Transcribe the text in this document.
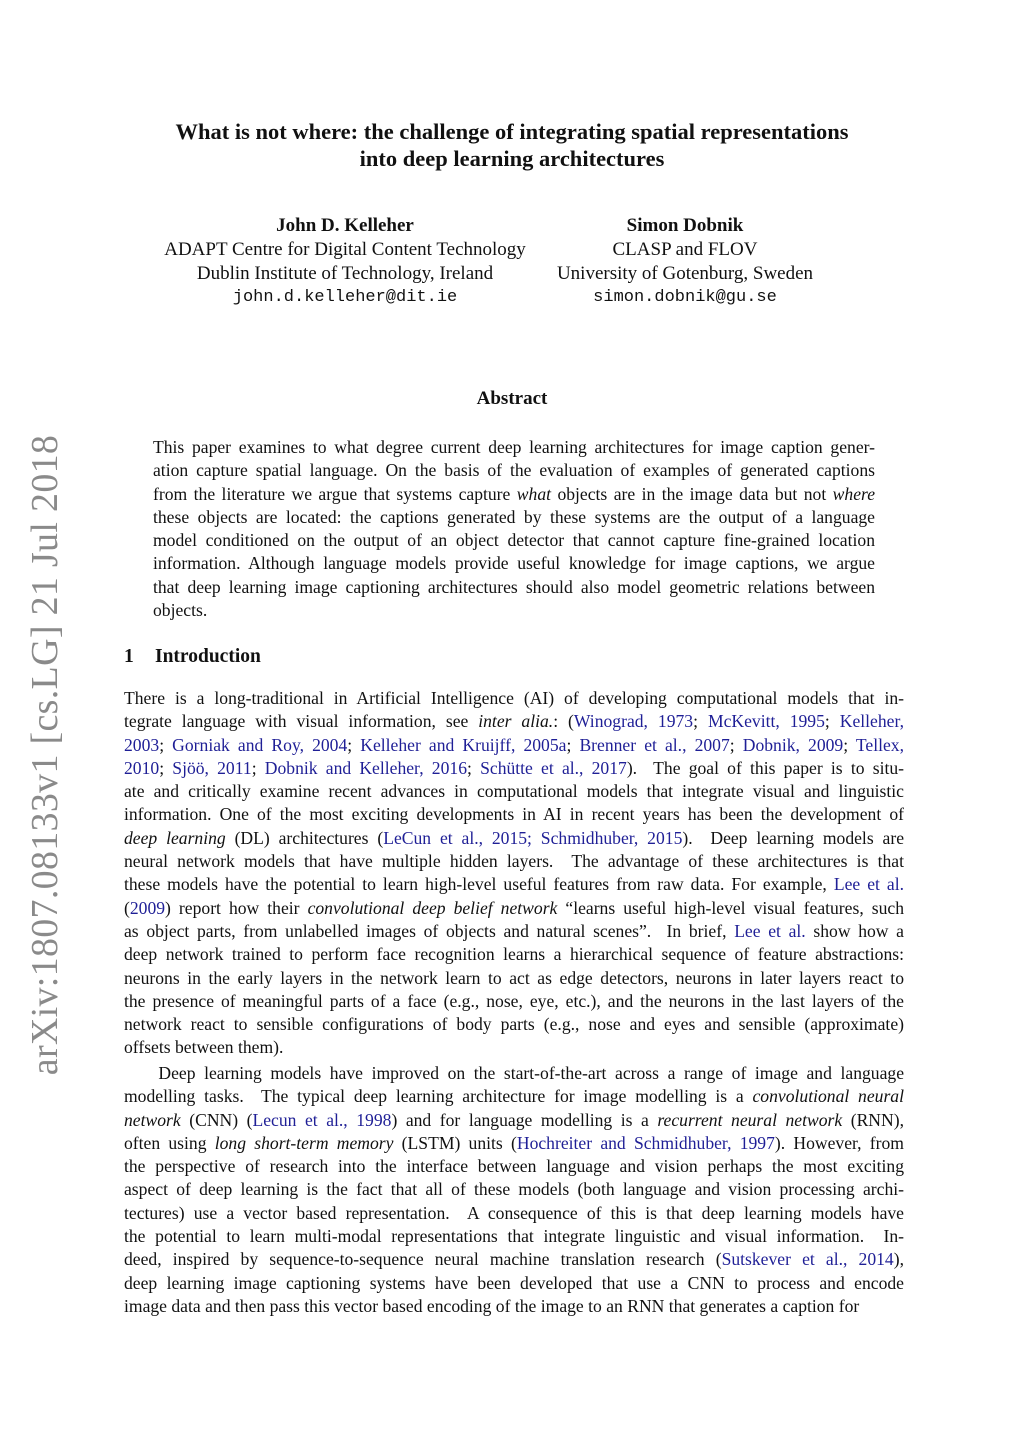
arXiv:1807.08133v1 [cs.LG] 21 Jul 2018
What is not where: the challenge of integrating spatial representations
into deep learning architectures
John D. Kelleher
ADAPT Centre for Digital Content Technology
Dublin Institute of Technology, Ireland
john.d.kelleher@dit.ie
Simon Dobnik
CLASP and FLOV
University of Gotenburg, Sweden
simon.dobnik@gu.se
Abstract
This paper examines to what degree current deep learning architectures for image caption gener-
ation capture spatial language. On the basis of the evaluation of examples of generated captions
from the literature we argue that systems capture what objects are in the image data but not where
these objects are located: the captions generated by these systems are the output of a language
model conditioned on the output of an object detector that cannot capture fine-grained location
information. Although language models provide useful knowledge for image captions, we argue
that deep learning image captioning architectures should also model geometric relations between
objects.
1 Introduction
There is a long-traditional in Artificial Intelligence (AI) of developing computational models that in-
tegrate language with visual information, see inter alia.: (Winograd, 1973; McKevitt, 1995; Kelleher,
2003; Gorniak and Roy, 2004; Kelleher and Kruijff, 2005a; Brenner et al., 2007; Dobnik, 2009; Tellex,
2010; Sjöö, 2011; Dobnik and Kelleher, 2016; Schütte et al., 2017).  The goal of this paper is to situ-
ate and critically examine recent advances in computational models that integrate visual and linguistic
information. One of the most exciting developments in AI in recent years has been the development of
deep learning (DL) architectures (LeCun et al., 2015; Schmidhuber, 2015).  Deep learning models are
neural network models that have multiple hidden layers.  The advantage of these architectures is that
these models have the potential to learn high-level useful features from raw data. For example, Lee et al.
(2009) report how their convolutional deep belief network “learns useful high-level visual features, such
as object parts, from unlabelled images of objects and natural scenes”.  In brief, Lee et al. show how a
deep network trained to perform face recognition learns a hierarchical sequence of feature abstractions:
neurons in the early layers in the network learn to act as edge detectors, neurons in later layers react to
the presence of meaningful parts of a face (e.g., nose, eye, etc.), and the neurons in the last layers of the
network react to sensible configurations of body parts (e.g., nose and eyes and sensible (approximate)
offsets between them).
Deep learning models have improved on the start-of-the-art across a range of image and language
modelling tasks.  The typical deep learning architecture for image modelling is a convolutional neural
network (CNN) (Lecun et al., 1998) and for language modelling is a recurrent neural network (RNN),
often using long short-term memory (LSTM) units (Hochreiter and Schmidhuber, 1997). However, from
the perspective of research into the interface between language and vision perhaps the most exciting
aspect of deep learning is the fact that all of these models (both language and vision processing archi-
tectures) use a vector based representation.  A consequence of this is that deep learning models have
the potential to learn multi-modal representations that integrate linguistic and visual information.  In-
deed, inspired by sequence-to-sequence neural machine translation research (Sutskever et al., 2014),
deep learning image captioning systems have been developed that use a CNN to process and encode
image data and then pass this vector based encoding of the image to an RNN that generates a caption for
